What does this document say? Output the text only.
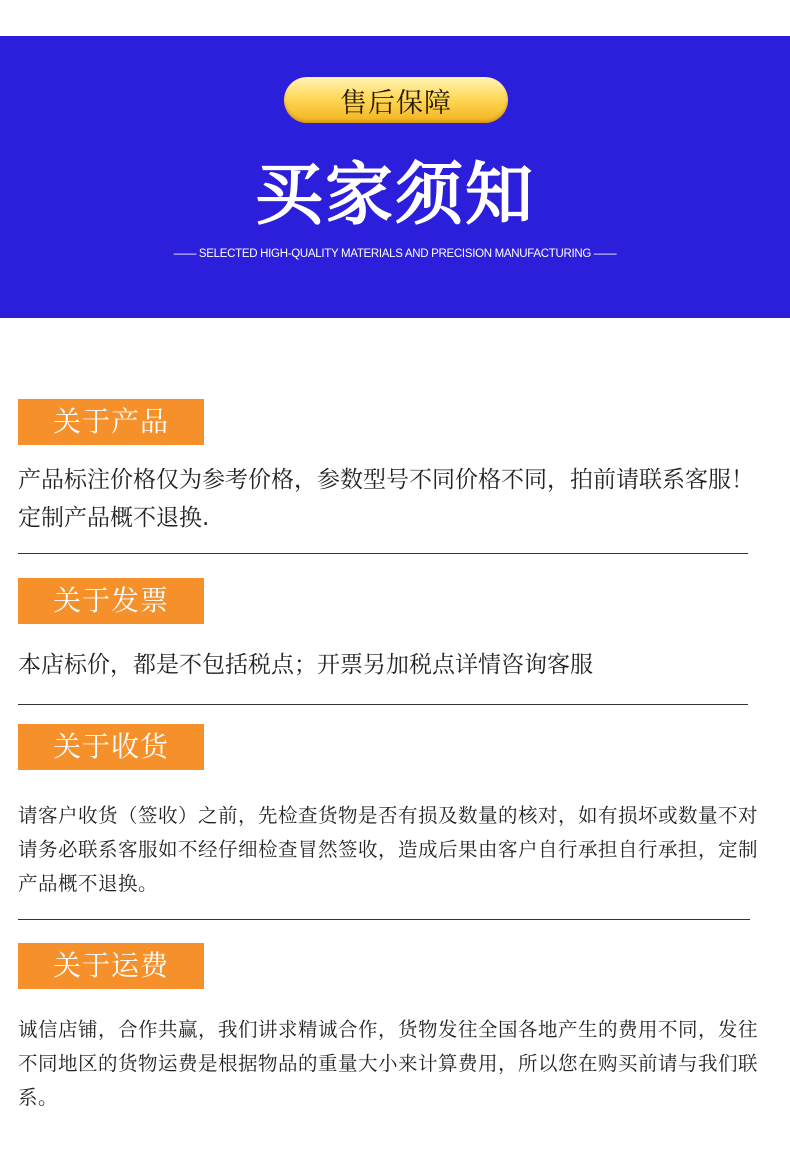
售后保障
买家须知
—— SELECTED HIGH-QUALITY MATERIALS AND PRECISION MANUFACTURING ——
关于产品
产品标注价格仅为参考价格，参数型号不同价格不同，拍前请联系客服！定制产品概不退换.
关于发票
本店标价，都是不包括税点；开票另加税点详情咨询客服
关于收货
请客户收货（签收）之前，先检查货物是否有损及数量的核对，如有损坏或数量不对请务必联系客服如不经仔细检查冒然签收，造成后果由客户自行承担自行承担，定制产品概不退换。
关于运费
诚信店铺，合作共赢，我们讲求精诚合作，货物发往全国各地产生的费用不同，发往不同地区的货物运费是根据物品的重量大小来计算费用，所以您在购买前请与我们联系。
